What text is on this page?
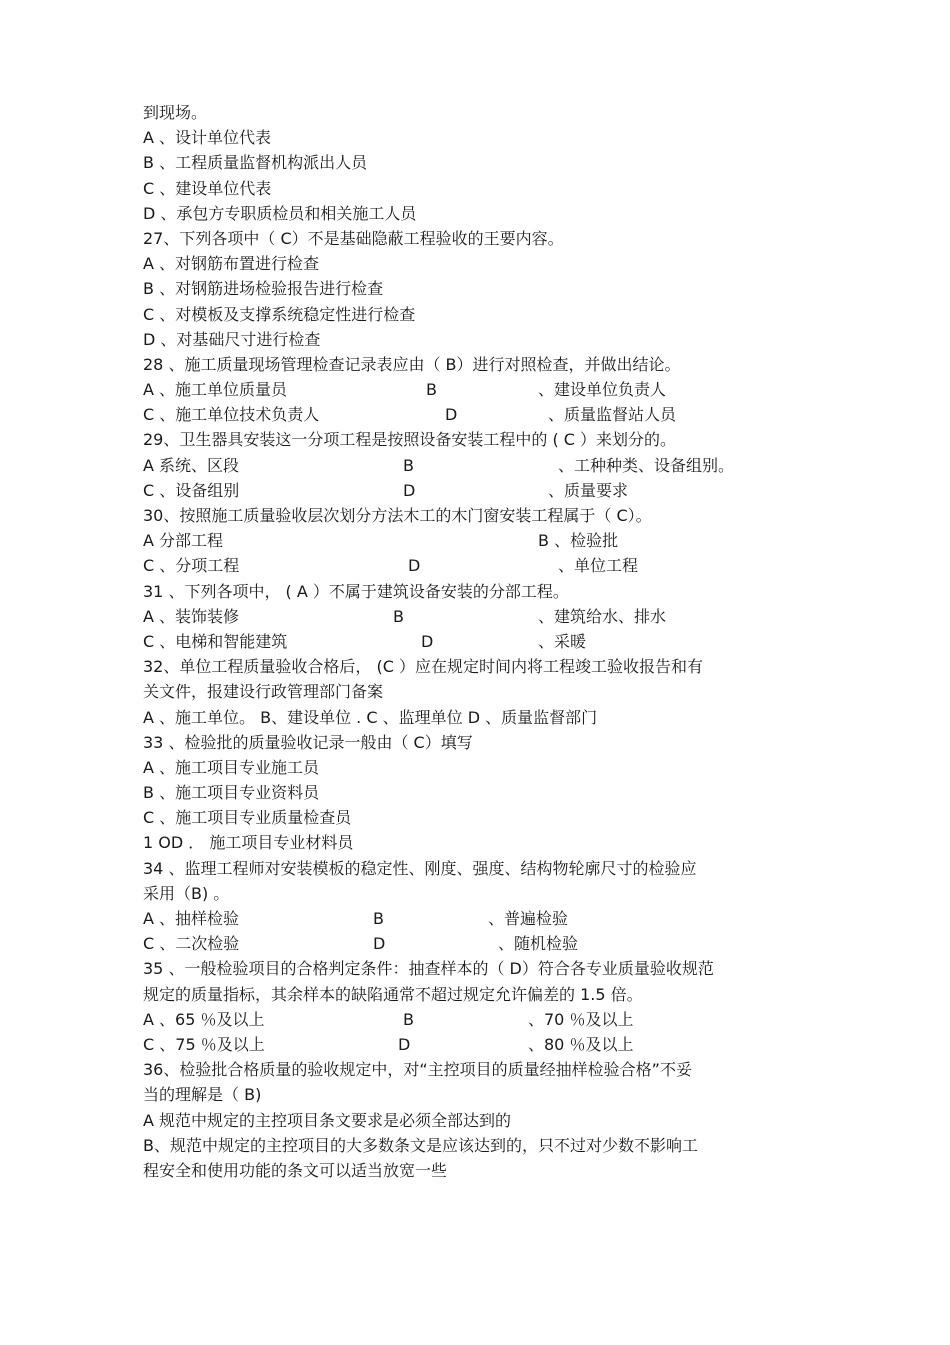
到现场。
A 、设计单位代表
B 、工程质量监督机构派出人员
C 、建设单位代表
D 、承包方专职质检员和相关施工人员
27、下列各项中（ C）不是基础隐蔽工程验收的王要内容。
A 、对钢筋布置进行检查
B 、对钢筋进场检验报告进行检查
C 、对模板及支撑系统稳定性进行检查
D 、对基础尺寸进行检查
28 、施工质量现场管理检查记录表应由（ B）进行对照检查，并做出结论。
A 、施工单位质量员	B	、建设单位负责人
C 、施工单位技术负责人	D	、质量监督站人员
29、卫生器具安装这一分项工程是按照设备安装工程中的 ( C ）来划分的。
A 系统、区段	B	、工种种类、设备组别。
C 、设备组别	D	、质量要求
30、按照施工质量验收层次划分方法木工的木门窗安装工程属于（ C）。
A 分部工程	B 、检验批
C 、分项工程	D	、单位工程
31 、下列各项中， ( A ）不属于建筑设备安装的分部工程。
A 、装饰装修	B	、建筑给水、排水
C 、电梯和智能建筑	D	、采暖
32、单位工程质量验收合格后， (C ）应在规定时间内将工程竣工验收报告和有
关文件，报建设行政管理部门备案
A 、施工单位。 B、建设单位 . C 、监理单位 D 、质量监督部门
33 、检验批的质量验收记录一般由（ C）填写
A 、施工项目专业施工员
B 、施工项目专业资料员
C 、施工项目专业质量检查员
1 OD ． 施工项目专业材料员
34 、监理工程师对安装模板的稳定性、刚度、强度、结构物轮廓尺寸的检验应
采用（B) 。
A 、抽样检验	B	、普遍检验
C 、二次检验	D	、随机检验
35 、一般检验项目的合格判定条件：抽查样本的（ D）符合各专业质量验收规范
规定的质量指标，其余样本的缺陷通常不超过规定允许偏差的 1.5 倍。
A 、65 ％及以上	B	、70 ％及以上
C 、75 ％及以上	D	、80 ％及以上
36、检验批合格质量的验收规定中，对“主控项目的质量经抽样检验合格”不妥
当的理解是（ B)
A 规范中规定的主控项目条文要求是必须全部达到的
B、规范中规定的主控项目的大多数条文是应该达到的，只不过对少数不影响工
程安全和使用功能的条文可以适当放宽一些
